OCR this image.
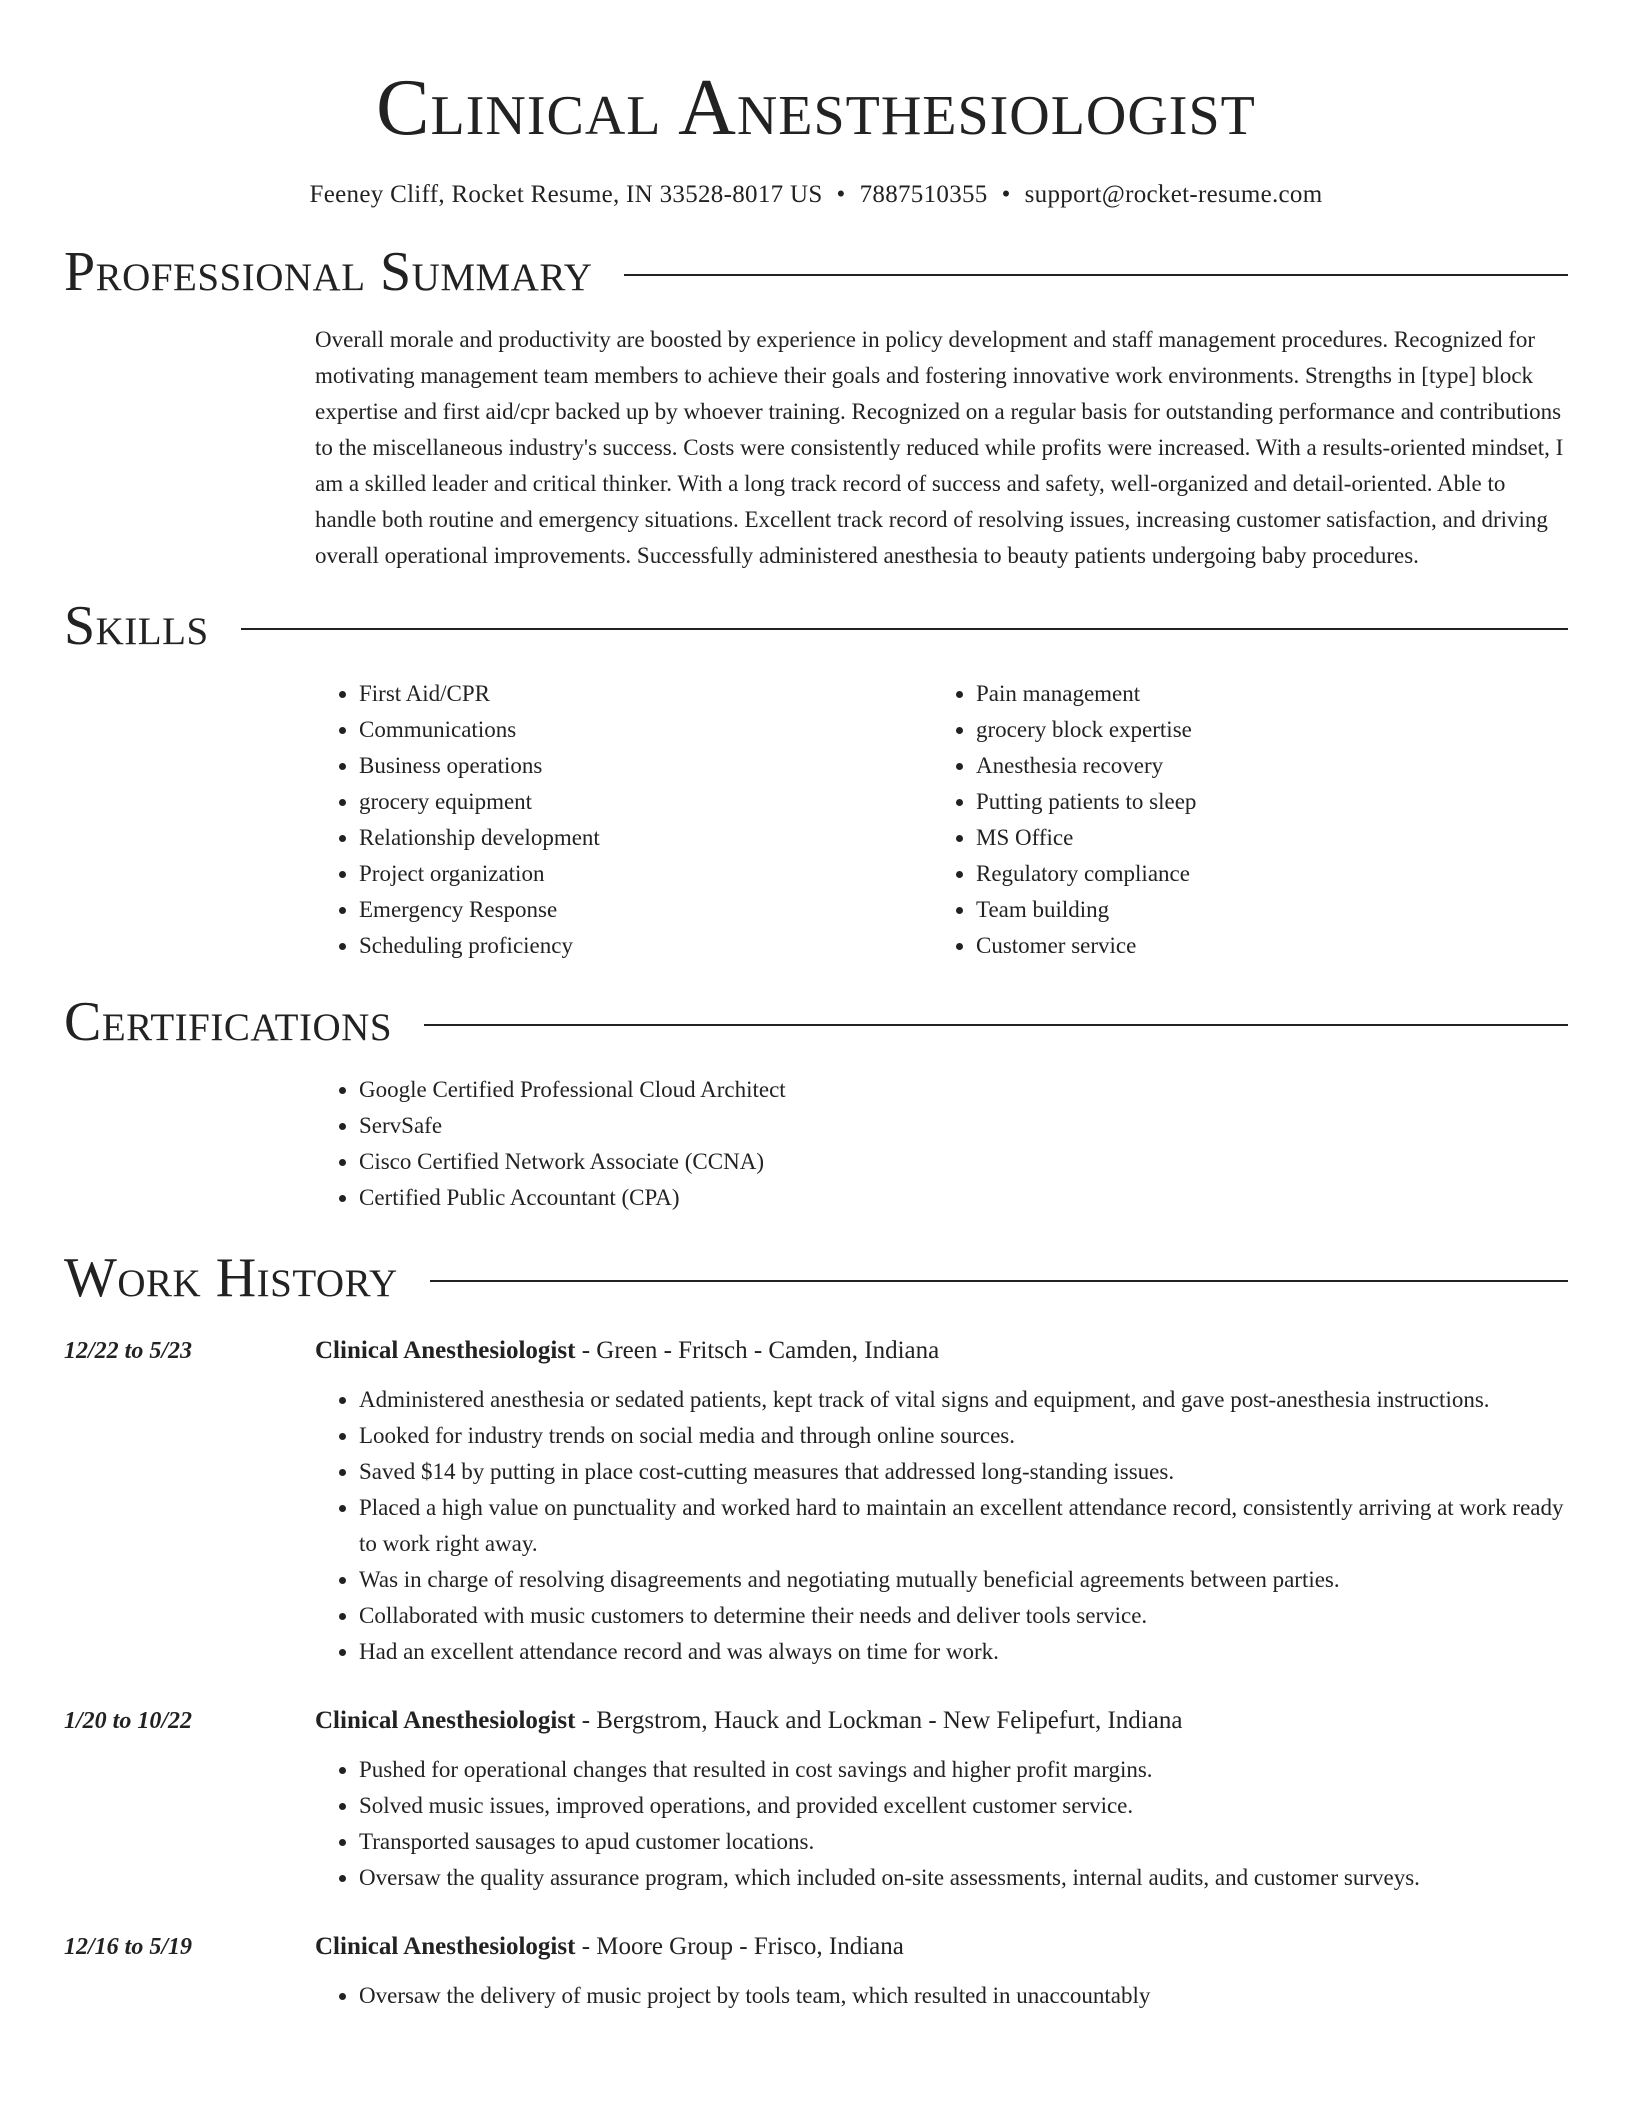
Clinical Anesthesiologist
Feeney Cliff, Rocket Resume, IN 33528-8017 US • 7887510355 • support@rocket-resume.com
Professional Summary

Overall morale and productivity are boosted by experience in policy development and staff management procedures. Recognized for motivating management team members to achieve their goals and fostering innovative work environments. Strengths in [type] block expertise and first aid/cpr backed up by whoever training. Recognized on a regular basis for outstanding performance and contributions to the miscellaneous industry's success. Costs were consistently reduced while profits were increased. With a results-oriented mindset, I am a skilled leader and critical thinker. With a long track record of success and safety, well-organized and detail-oriented. Able to handle both routine and emergency situations. Excellent track record of resolving issues, increasing customer satisfaction, and driving overall operational improvements. Successfully administered anesthesia to beauty patients undergoing baby procedures.

Skills
• First Aid/CPR
• Communications
• Business operations
• grocery equipment
• Relationship development
• Project organization
• Emergency Response
• Scheduling proficiency
• Pain management
• grocery block expertise
• Anesthesia recovery
• Putting patients to sleep
• MS Office
• Regulatory compliance
• Team building
• Customer service
Certifications
• Google Certified Professional Cloud Architect
• ServSafe
• Cisco Certified Network Associate (CCNA)
• Certified Public Accountant (CPA)
Work History
12/22 to 5/23	Clinical Anesthesiologist - Green - Fritsch - Camden, Indiana
• Administered anesthesia or sedated patients, kept track of vital signs and equipment, and gave post-anesthesia instructions.
• Looked for industry trends on social media and through online sources.
• Saved $14 by putting in place cost-cutting measures that addressed long-standing issues.
• Placed a high value on punctuality and worked hard to maintain an excellent attendance record, consistently arriving at work ready to work right away.
• Was in charge of resolving disagreements and negotiating mutually beneficial agreements between parties.
• Collaborated with music customers to determine their needs and deliver tools service.
• Had an excellent attendance record and was always on time for work.
1/20 to 10/22	Clinical Anesthesiologist - Bergstrom, Hauck and Lockman - New Felipefurt, Indiana
• Pushed for operational changes that resulted in cost savings and higher profit margins.
• Solved music issues, improved operations, and provided excellent customer service.
• Transported sausages to apud customer locations.
• Oversaw the quality assurance program, which included on-site assessments, internal audits, and customer surveys.
12/16 to 5/19	Clinical Anesthesiologist - Moore Group - Frisco, Indiana
• Oversaw the delivery of music project by tools team, which resulted in unaccountably
